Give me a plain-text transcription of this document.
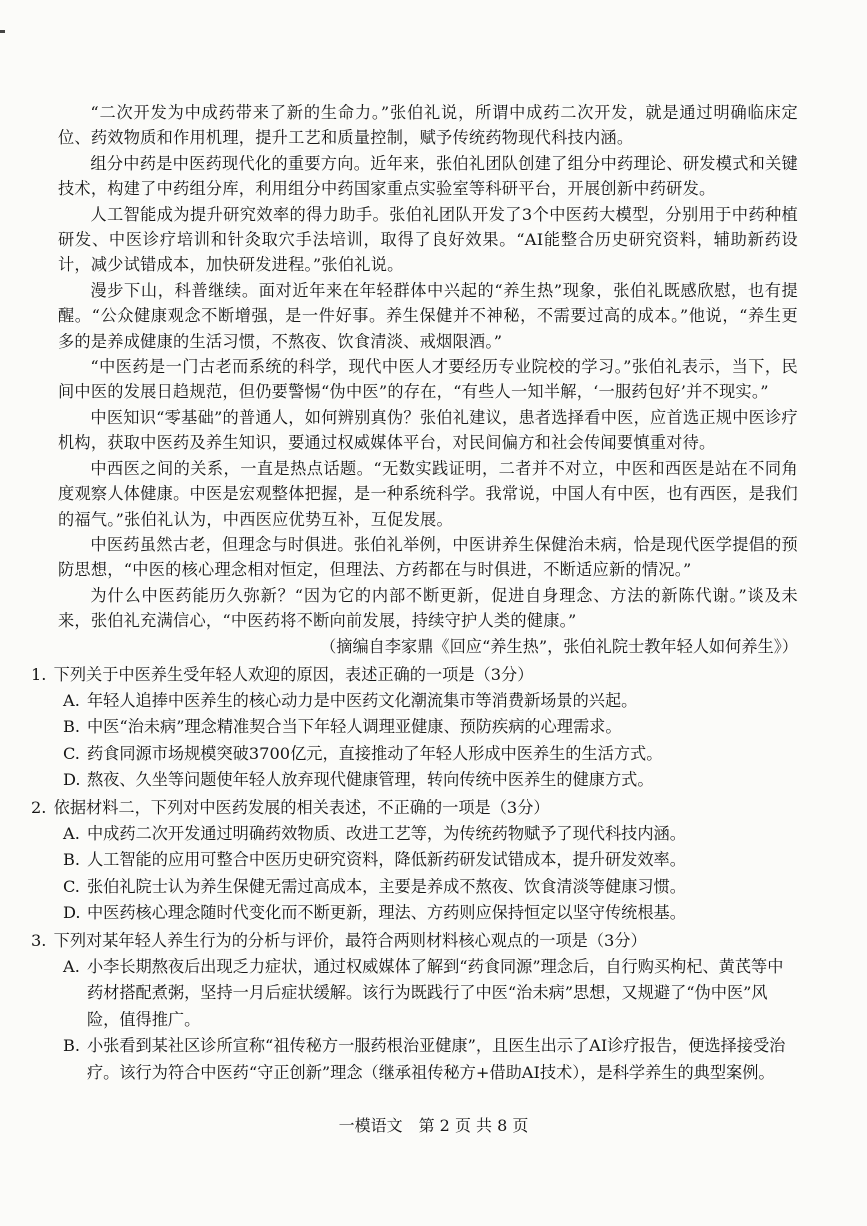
“二次开发为中成药带来了新的生命力。”张伯礼说，所谓中成药二次开发，就是通过明确临床定位、药效物质和作用机理，提升工艺和质量控制，赋予传统药物现代科技内涵。

组分中药是中医药现代化的重要方向。近年来，张伯礼团队创建了组分中药理论、研发模式和关键技术，构建了中药组分库，利用组分中药国家重点实验室等科研平台，开展创新中药研发。

人工智能成为提升研究效率的得力助手。张伯礼团队开发了3个中医药大模型，分别用于中药种植研发、中医诊疗培训和针灸取穴手法培训，取得了良好效果。“AI能整合历史研究资料，辅助新药设计，减少试错成本，加快研发进程。”张伯礼说。

漫步下山，科普继续。面对近年来在年轻群体中兴起的“养生热”现象，张伯礼既感欣慰，也有提醒。“公众健康观念不断增强，是一件好事。养生保健并不神秘，不需要过高的成本。”他说，“养生更多的是养成健康的生活习惯，不熬夜、饮食清淡、戒烟限酒。”

“中医药是一门古老而系统的科学，现代中医人才要经历专业院校的学习。”张伯礼表示，当下，民间中医的发展日趋规范，但仍要警惕“伪中医”的存在，“有些人一知半解，‘一服药包好’并不现实。”

中医知识“零基础”的普通人，如何辨别真伪？张伯礼建议，患者选择看中医，应首选正规中医诊疗机构，获取中医药及养生知识，要通过权威媒体平台，对民间偏方和社会传闻要慎重对待。

中西医之间的关系，一直是热点话题。“无数实践证明，二者并不对立，中医和西医是站在不同角度观察人体健康。中医是宏观整体把握，是一种系统科学。我常说，中国人有中医，也有西医，是我们的福气。”张伯礼认为，中西医应优势互补，互促发展。

中医药虽然古老，但理念与时俱进。张伯礼举例，中医讲养生保健治未病，恰是现代医学提倡的预防思想，“中医的核心理念相对恒定，但理法、方药都在与时俱进，不断适应新的情况。”

为什么中医药能历久弥新？“因为它的内部不断更新，促进自身理念、方法的新陈代谢。”谈及未来，张伯礼充满信心，“中医药将不断向前发展，持续守护人类的健康。”

（摘编自李家鼎《回应“养生热”，张伯礼院士教年轻人如何养生》）

1. 下列关于中医养生受年轻人欢迎的原因，表述正确的一项是（3分）

A. 年轻人追捧中医养生的核心动力是中医药文化潮流集市等消费新场景的兴起。

B. 中医“治未病”理念精准契合当下年轻人调理亚健康、预防疾病的心理需求。

C. 药食同源市场规模突破3700亿元，直接推动了年轻人形成中医养生的生活方式。

D. 熬夜、久坐等问题使年轻人放弃现代健康管理，转向传统中医养生的健康方式。

2. 依据材料二，下列对中医药发展的相关表述，不正确的一项是（3分）

A. 中成药二次开发通过明确药效物质、改进工艺等，为传统药物赋予了现代科技内涵。

B. 人工智能的应用可整合中医历史研究资料，降低新药研发试错成本，提升研发效率。

C. 张伯礼院士认为养生保健无需过高成本，主要是养成不熬夜、饮食清淡等健康习惯。

D. 中医药核心理念随时代变化而不断更新，理法、方药则应保持恒定以坚守传统根基。

3. 下列对某年轻人养生行为的分析与评价，最符合两则材料核心观点的一项是（3分）

A. 小李长期熬夜后出现乏力症状，通过权威媒体了解到“药食同源”理念后，自行购买枸杞、黄芪等中药材搭配煮粥，坚持一月后症状缓解。该行为既践行了中医“治未病”思想，又规避了“伪中医”风险，值得推广。

B. 小张看到某社区诊所宣称“祖传秘方一服药根治亚健康”，且医生出示了AI诊疗报告，便选择接受治疗。该行为符合中医药“守正创新”理念（继承祖传秘方+借助AI技术），是科学养生的典型案例。

一模语文　第 2 页 共 8 页
